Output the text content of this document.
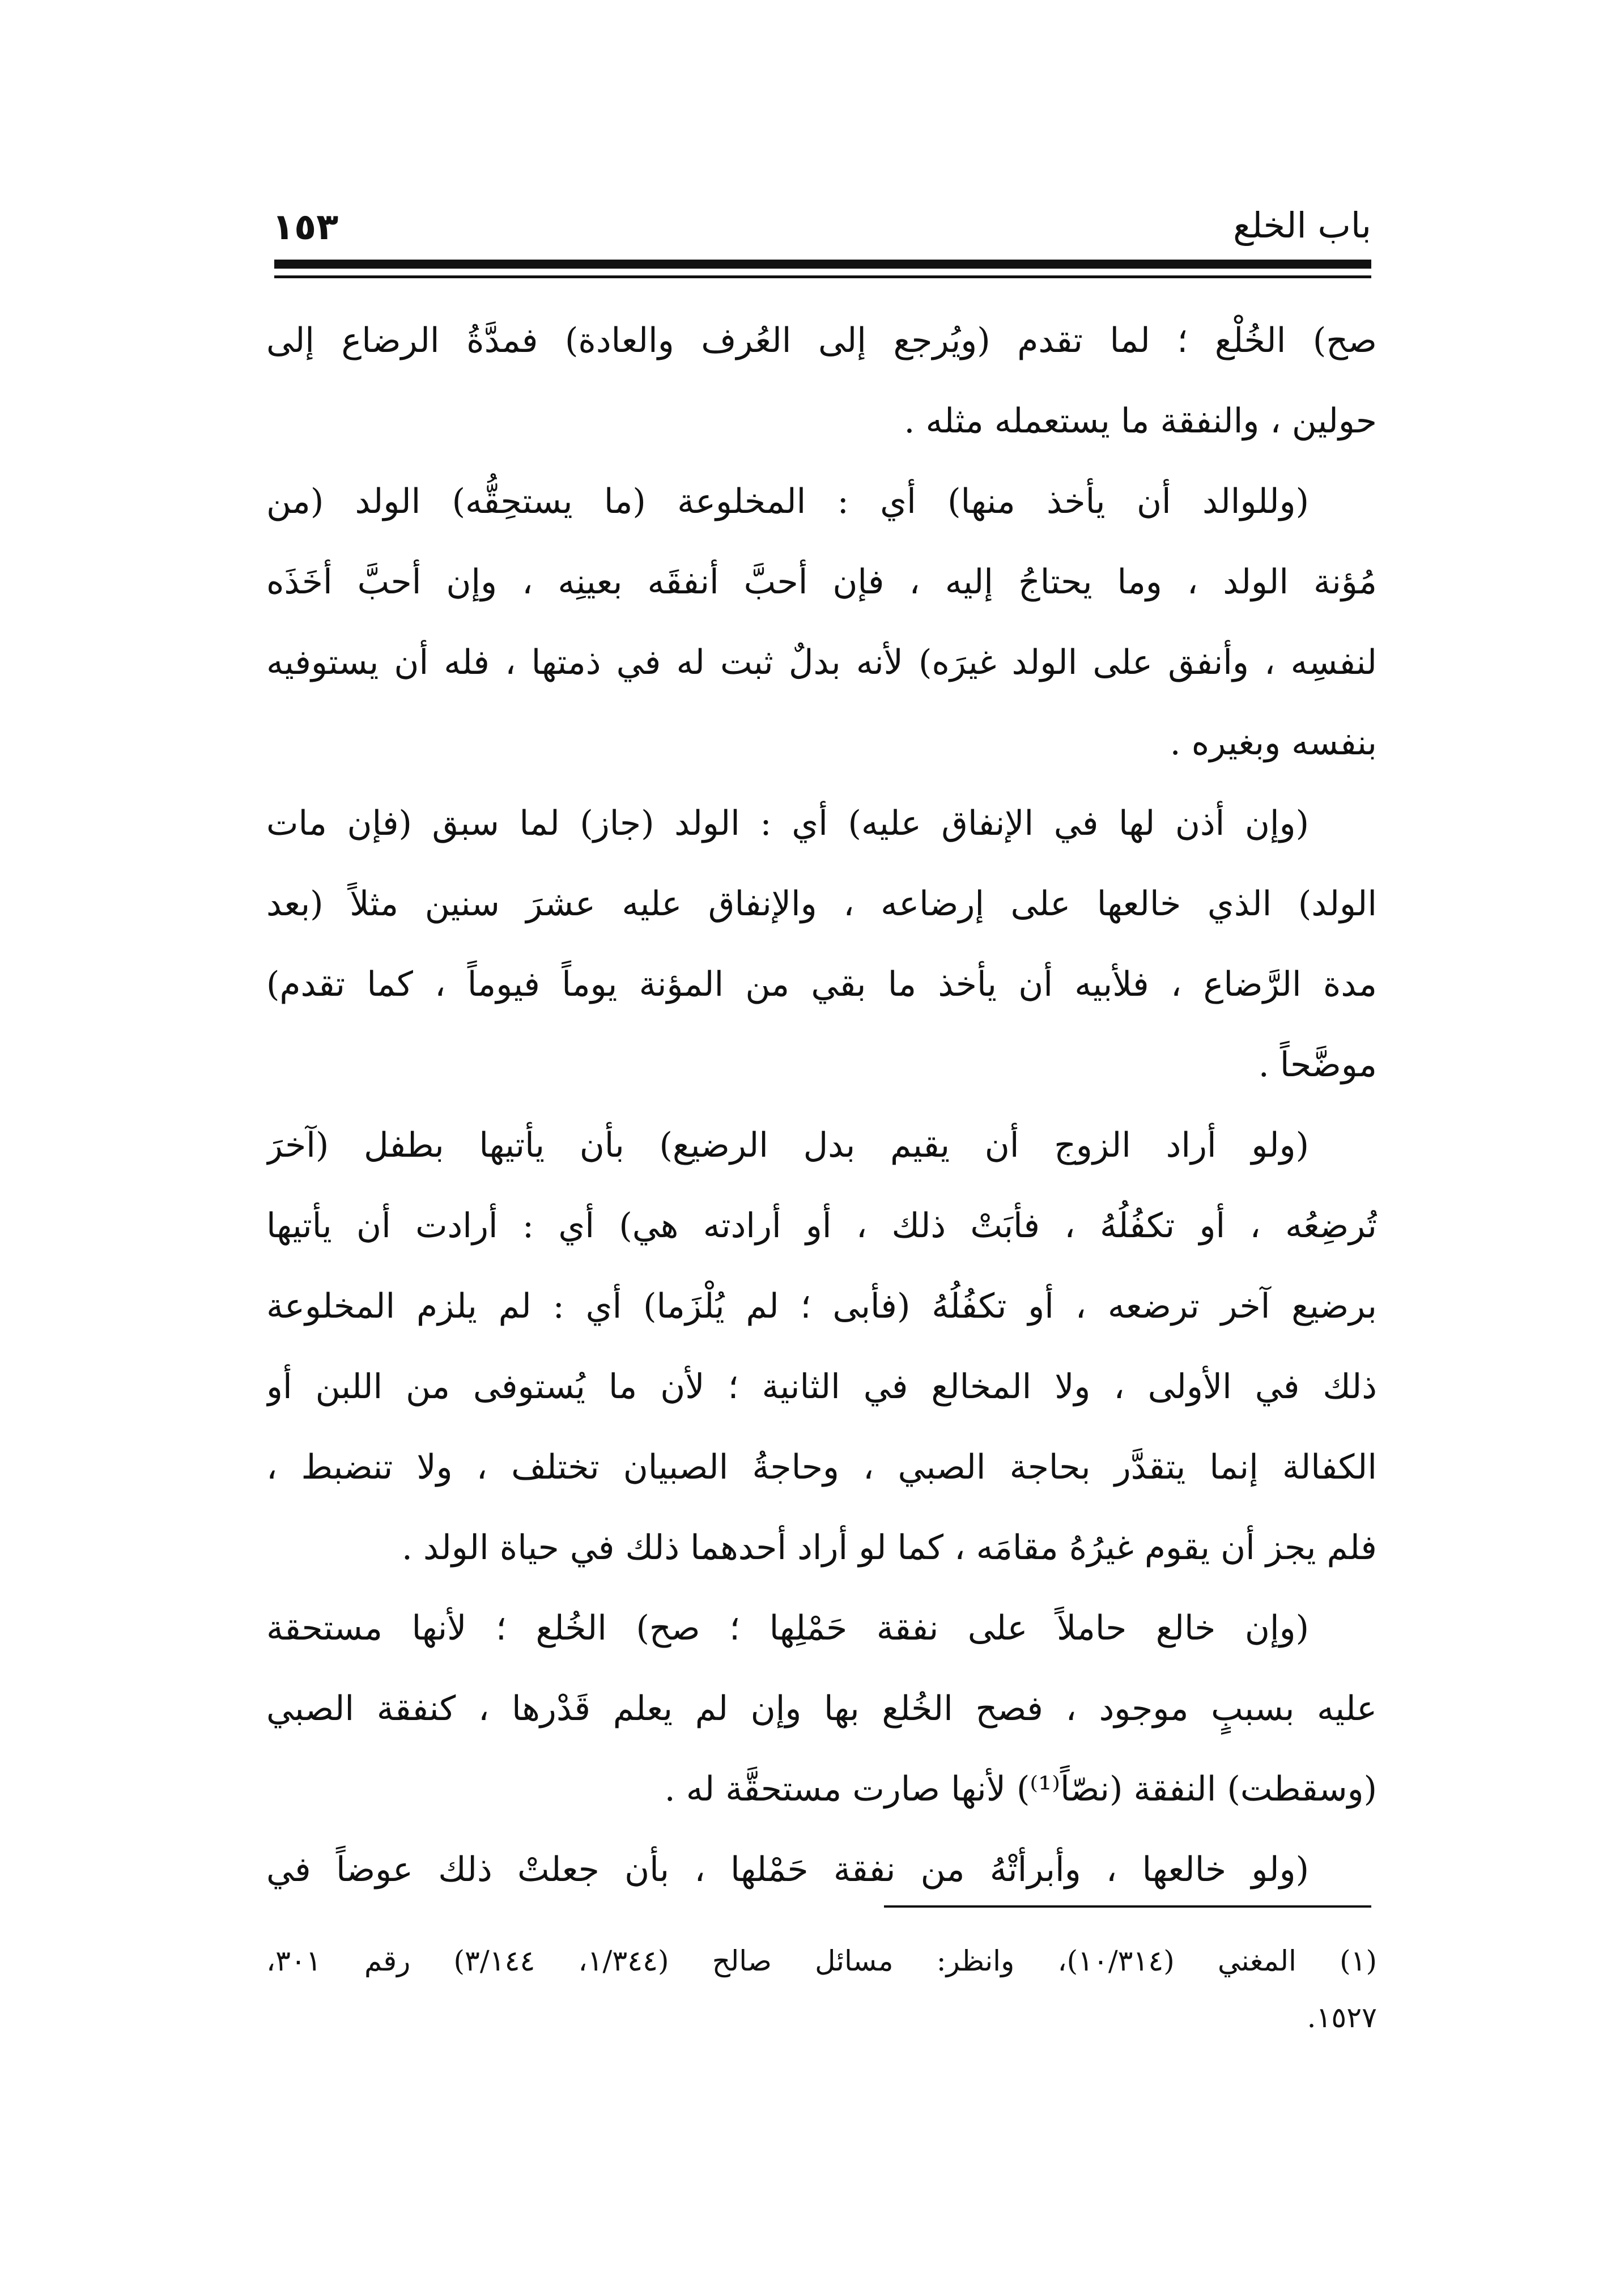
باب الخلع
١٥٣
صح) الخُلْع ؛ لما تقدم (ويُرجع إلى العُرف والعادة) فمدَّةُ الرضاع إلى
حولين ، والنفقة ما يستعمله مثله .
(وللوالد أن يأخذ منها) أي : المخلوعة (ما يستحِقُّه) الولد (من
مُؤنة الولد ، وما يحتاجُ إليه ، فإن أحبَّ أنفقَه بعينِه ، وإن أحبَّ أخَذَه
لنفسِه ، وأنفق على الولد غيرَه) لأنه بدلٌ ثبت له في ذمتها ، فله أن يستوفيه
بنفسه وبغيره .
(وإن أذن لها في الإنفاق عليه) أي : الولد (جاز) لما سبق (فإن مات
الولد) الذي خالعها على إرضاعه ، والإنفاق عليه عشرَ سنين مثلاً (بعد
مدة الرَّضاع ، فلأبيه أن يأخذ ما بقي من المؤنة يوماً فيوماً ، كما تقدم)
موضَّحاً .
(ولو أراد الزوج أن يقيم بدل الرضيع) بأن يأتيها بطفل (آخرَ
تُرضِعُه ، أو تكفُلُهُ ، فأبَتْ ذلك ، أو أرادته هي) أي : أرادت أن يأتيها
برضيع آخر ترضعه ، أو تكفُلُهُ (فأبى ؛ لم يُلْزَما) أي : لم يلزم المخلوعة
ذلك في الأولى ، ولا المخالع في الثانية ؛ لأن ما يُستوفى من اللبن أو
الكفالة إنما يتقدَّر بحاجة الصبي ، وحاجةُ الصبيان تختلف ، ولا تنضبط ،
فلم يجز أن يقوم غيرُهُ مقامَه ، كما لو أراد أحدهما ذلك في حياة الولد .
(وإن خالع حاملاً على نفقة حَمْلِها ؛ صح) الخُلع ؛ لأنها مستحقة
عليه بسببٍ موجود ، فصح الخُلع بها وإن لم يعلم قَدْرها ، كنفقة الصبي
(وسقطت) النفقة (نصّاً⁽¹⁾) لأنها صارت مستحقَّة له .
(ولو خالعها ، وأبرأتْهُ من نفقة حَمْلها ، بأن جعلتْ ذلك عوضاً في
(١) المغني (١٠/٣١٤)، وانظر: مسائل صالح (١/٣٤٤، ٣/١٤٤) رقم ٣٠١،
١٥٢٧.
